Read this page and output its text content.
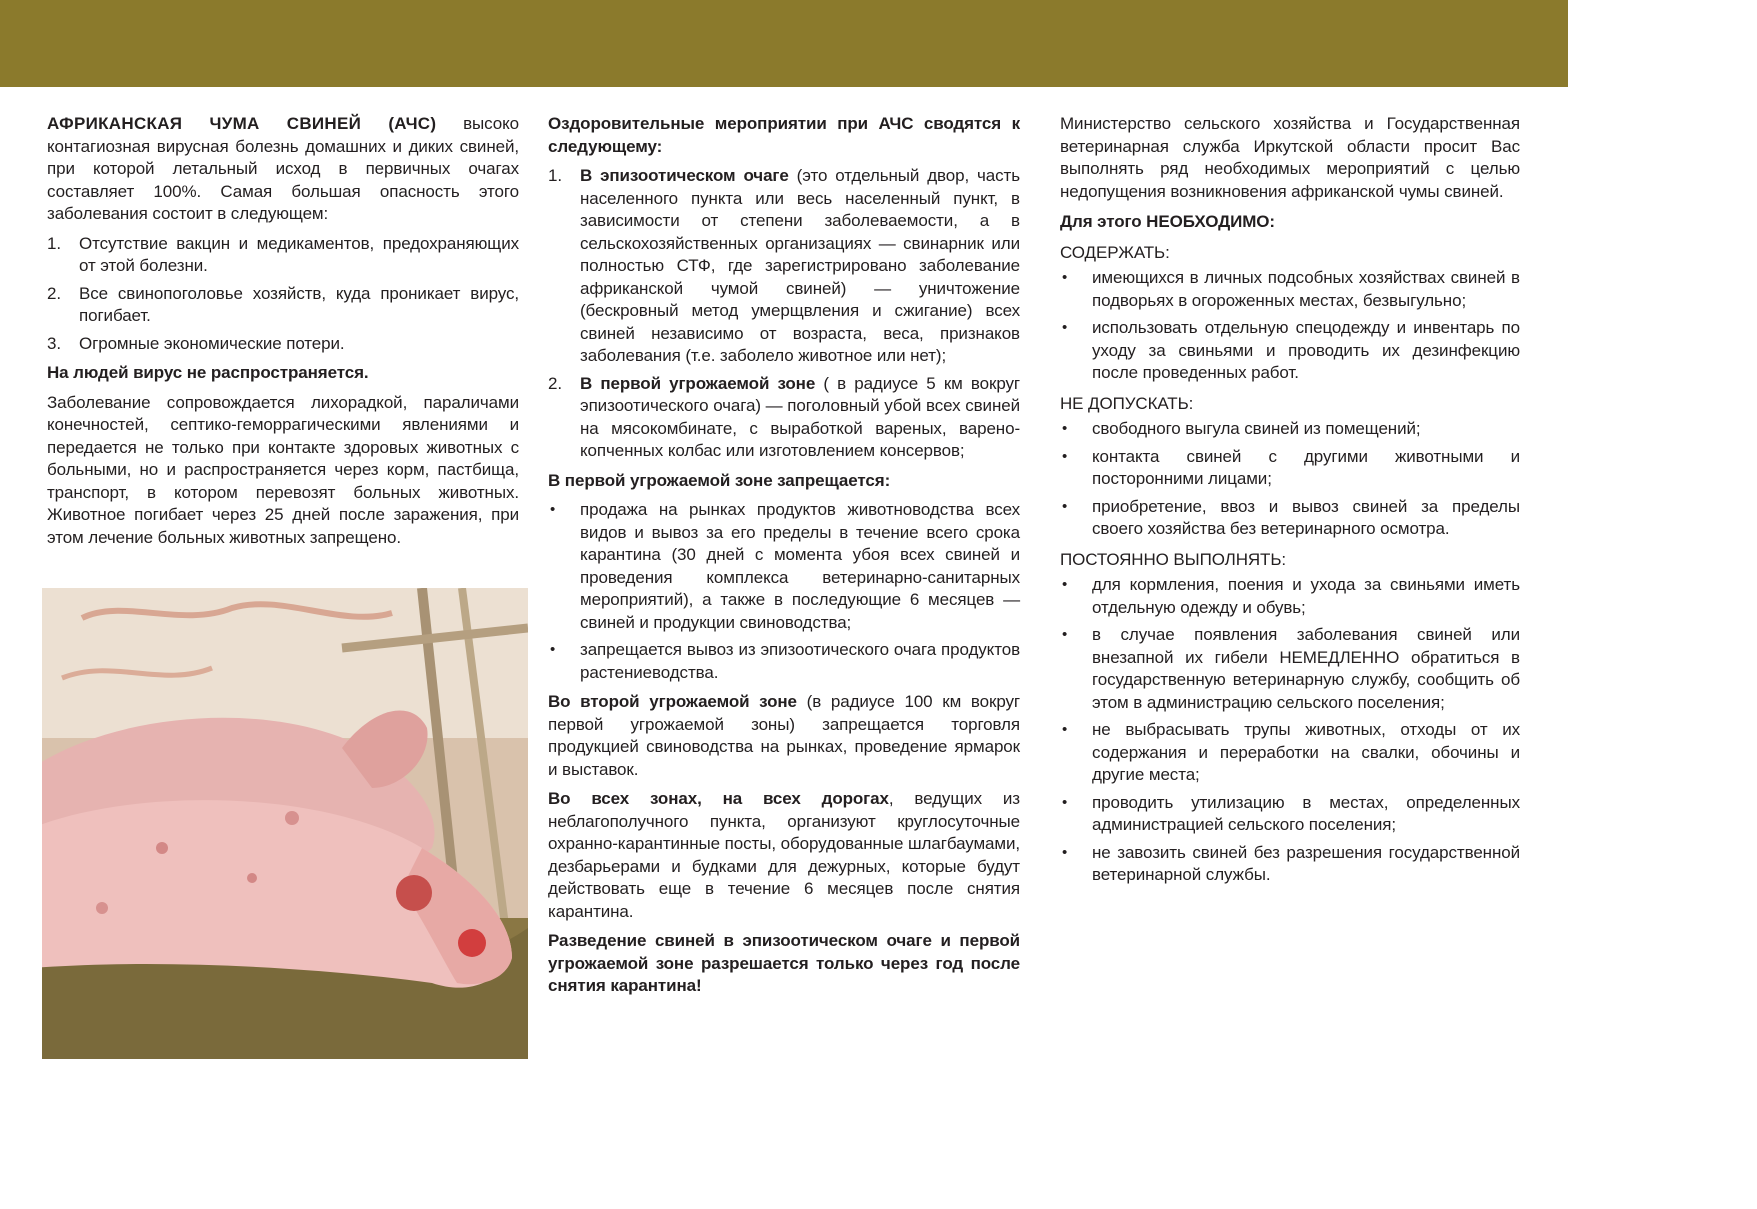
АФРИКАНСКАЯ ЧУМА СВИНЕЙ (АЧС) высоко контагиозная вирусная болезнь домашних и диких свиней, при которой летальный исход в первичных очагах составляет 100%. Самая большая опасность этого заболевания состоит в следующем:

1. Отсутствие вакцин и медикаментов, предохраняющих от этой болезни.
2. Все свинопоголовье хозяйств, куда проникает вирус, погибает.
3. Огромные экономические потери.

На людей вирус не распространяется.

Заболевание сопровождается лихорадкой, параличами конечностей, септико-геморрагическими явлениями и передается не только при контакте здоровых животных с больными, но и распространяется через корм, пастбища, транспорт, в котором перевозят больных животных. Животное погибает через 25 дней после заражения, при этом лечение больных животных запрещено.

Оздоровительные мероприятии при АЧС сводятся к следующему:

1. В эпизоотическом очаге (это отдельный двор, часть населенного пункта или весь населенный пункт, в зависимости от степени заболеваемости, а в сельскохозяйственных организациях — свинарник или полностью СТФ, где зарегистрировано заболевание африканской чумой свиней) — уничтожение (бескровный метод умерщвления и сжигание) всех свиней независимо от возраста, веса, признаков заболевания (т.е. заболело животное или нет);
2. В первой угрожаемой зоне ( в радиусе 5 км вокруг эпизоотического очага) — поголовный убой всех свиней на мясокомбинате, с выработкой вареных, варено-копченных колбас или изготовлением консервов;

В первой угрожаемой зоне запрещается:

• продажа на рынках продуктов животноводства всех видов и вывоз за его пределы в течение всего срока карантина (30 дней с момента убоя всех свиней и проведения комплекса ветеринарно-санитарных мероприятий), а также в последующие 6 месяцев — свиней и продукции свиноводства;
• запрещается вывоз из эпизоотического очага продуктов растениеводства.

Во второй угрожаемой зоне (в радиусе 100 км вокруг первой угрожаемой зоны) запрещается торговля продукцией свиноводства на рынках, проведение ярмарок и выставок.

Во всех зонах, на всех дорогах, ведущих из неблагополучного пункта, организуют круглосуточные охранно-карантинные посты, оборудованные шлагбаумами, дезбарьерами и будками для дежурных, которые будут действовать еще в течение 6 месяцев после снятия карантина.

Разведение свиней в эпизоотическом очаге и первой угрожаемой зоне разрешается только через год после снятия карантина!

Министерство сельского хозяйства и Государственная ветеринарная служба Иркутской области просит Вас выполнять ряд необходимых мероприятий с целью недопущения возникновения африканской чумы свиней.

Для этого НЕОБХОДИМО:

СОДЕРЖАТЬ:

• имеющихся в личных подсобных хозяйствах свиней в подворьях в огороженных местах, безвыгульно;
• использовать отдельную спецодежду и инвентарь по уходу за свиньями и проводить их дезинфекцию после проведенных работ.

НЕ ДОПУСКАТЬ:

• свободного выгула свиней из помещений;
• контакта свиней с другими животными и посторонними лицами;
• приобретение, ввоз и вывоз свиней за пределы своего хозяйства без ветеринарного осмотра.

ПОСТОЯННО ВЫПОЛНЯТЬ:

• для кормления, поения и ухода за свиньями иметь отдельную одежду и обувь;
• в случае появления заболевания свиней или внезапной их гибели НЕМЕДЛЕННО обратиться в государственную ветеринарную службу, сообщить об этом в администрацию сельского поселения;
• не выбрасывать трупы животных, отходы от их содержания и переработки на свалки, обочины и другие места;
• проводить утилизацию в местах, определенных администрацией сельского поселения;
• не завозить свиней без разрешения государственной ветеринарной службы.
